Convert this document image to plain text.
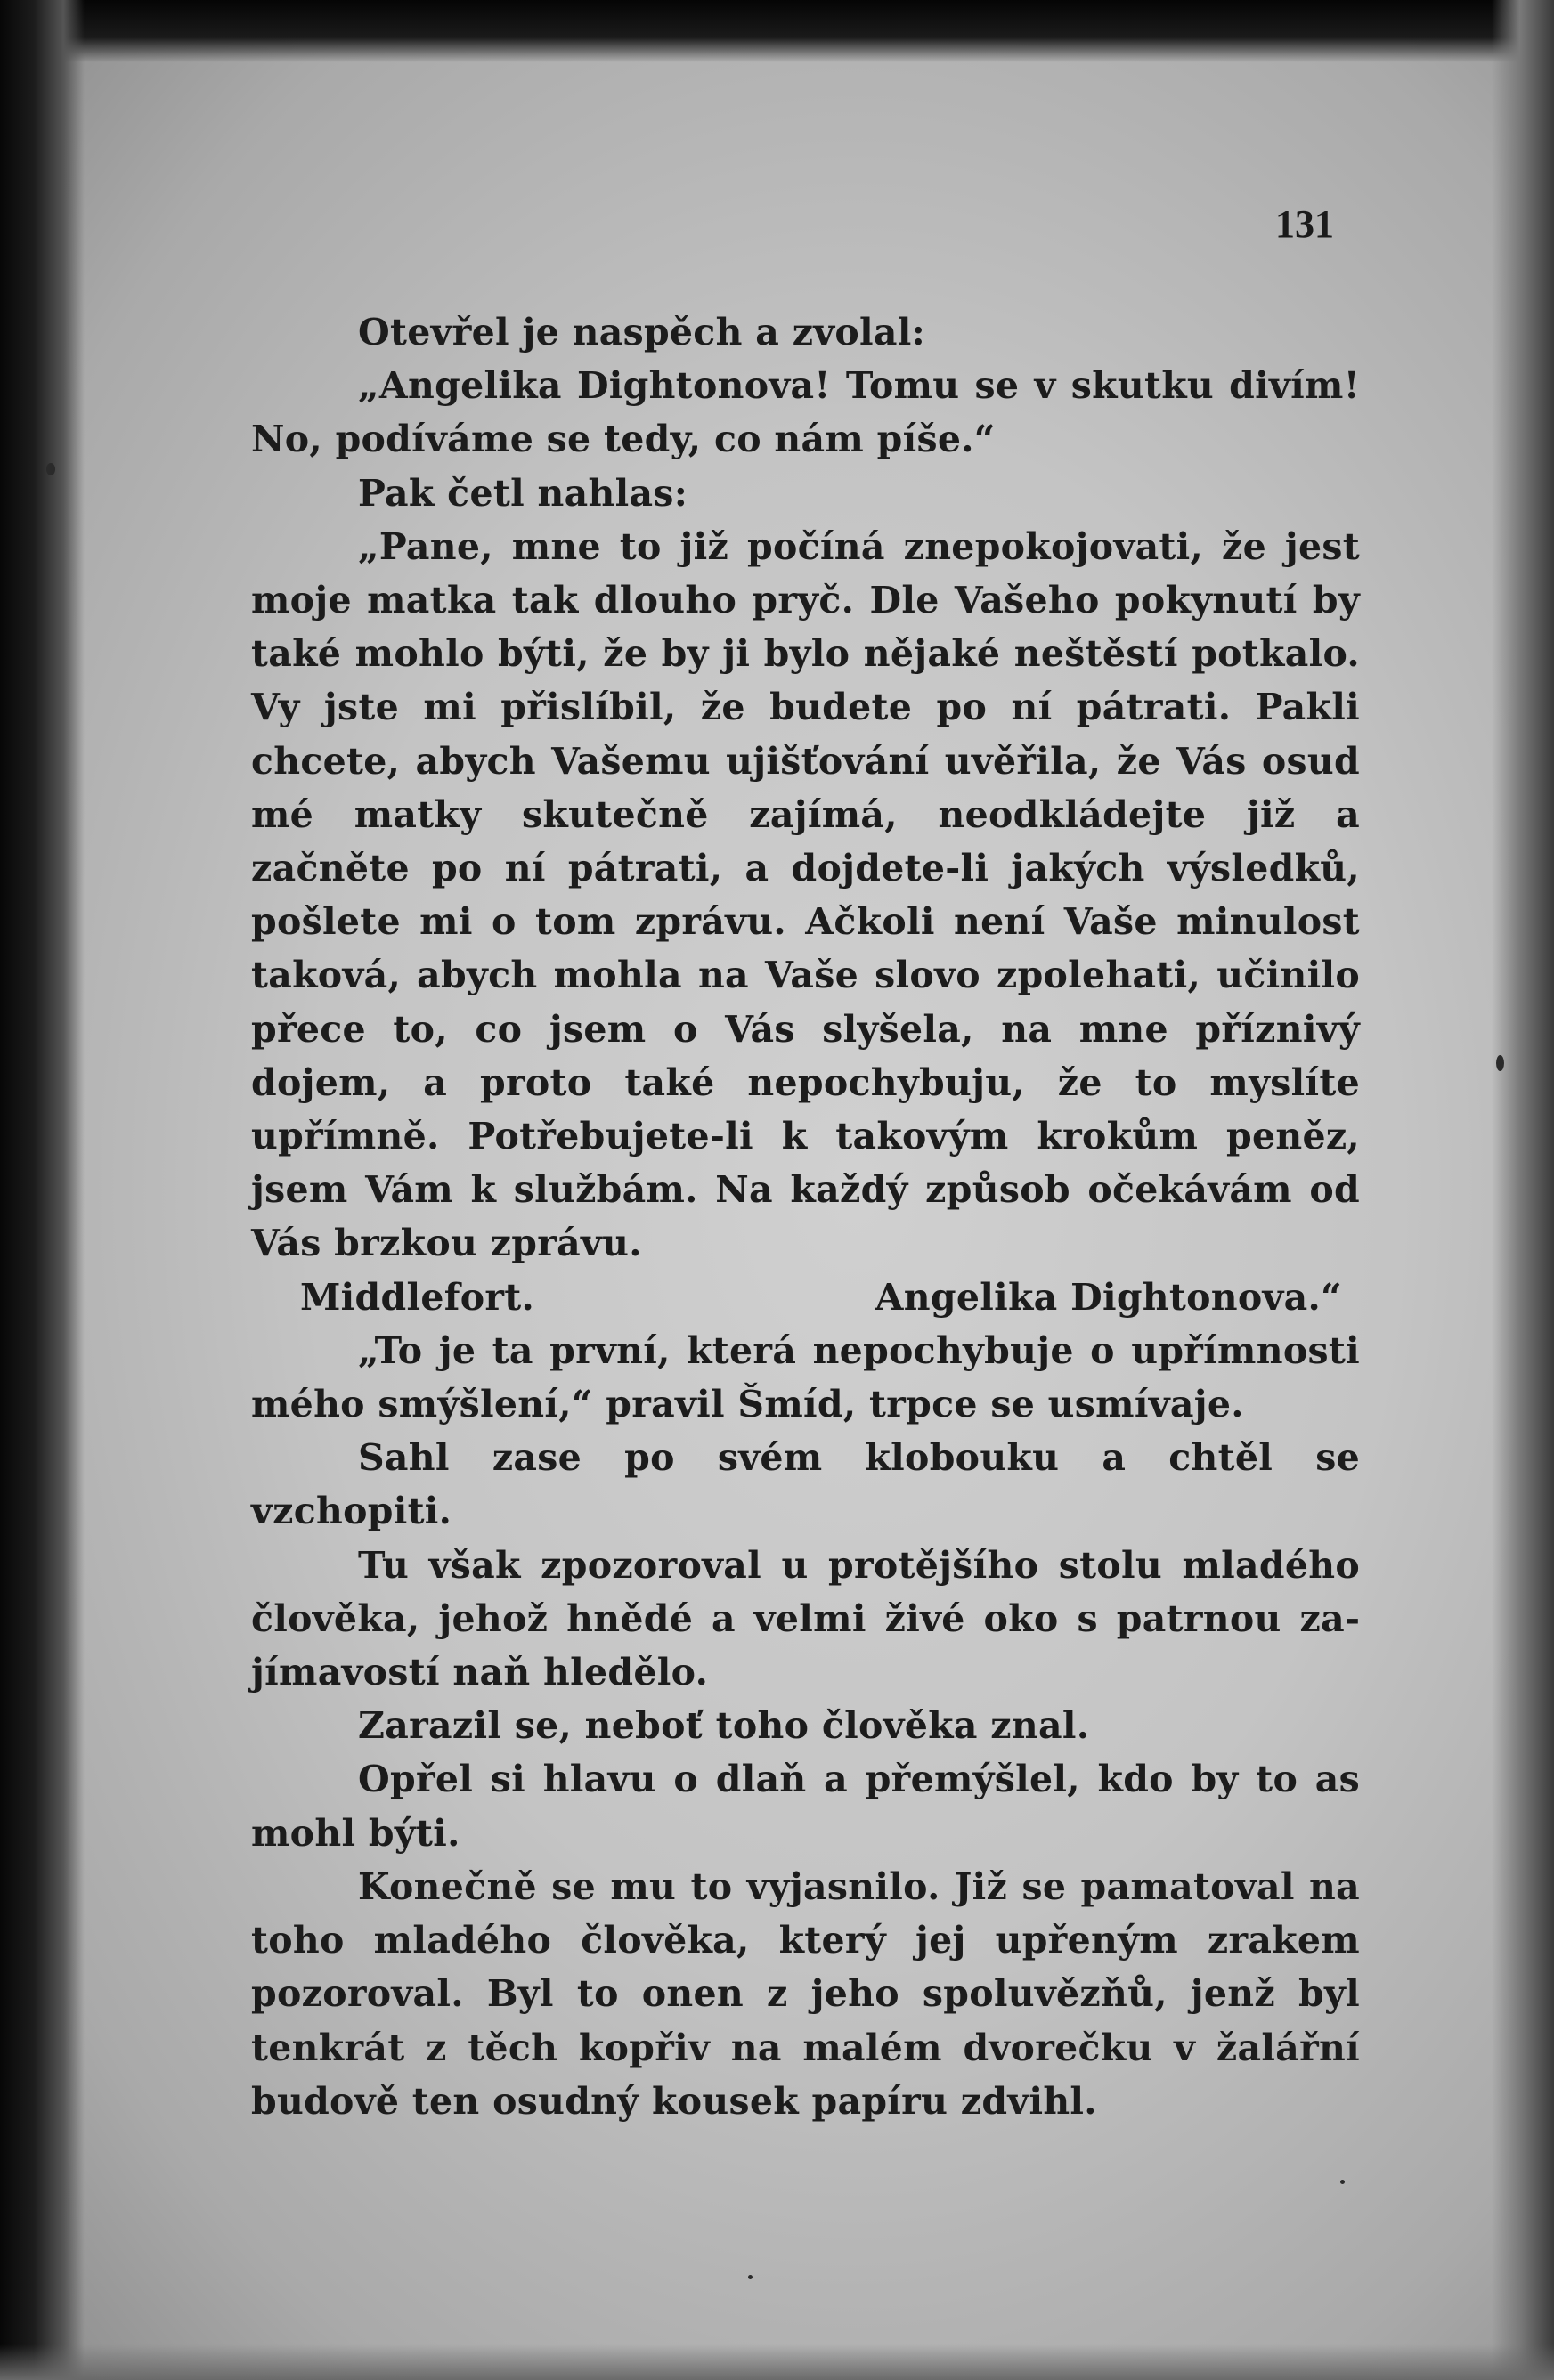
131

Otevřel je naspěch a zvolal:

„Angelika Dightonova! Tomu se v skutku divím! No, podíváme se tedy, co nám píše.“

Pak četl nahlas:

„Pane, mne to již počíná znepokojovati, že jest moje matka tak dlouho pryč. Dle Vašeho pokynutí by také mohlo býti, že by ji bylo nějaké neštěstí potkalo. Vy jste mi přislíbil, že budete po ní pátrati. Pakli chcete, abych Vašemu ujišťování uvěřila, že Vás osud mé matky skutečně zajímá, neodkládejte již a začněte po ní pátrati, a dojdete-li jakých výsledků, pošlete mi o tom zprávu. Ačkoli není Vaše minulost taková, abych mohla na Vaše slovo zpolehati, učinilo přece to, co jsem o Vás slyšela, na mne příznivý dojem, a proto také nepochybuju, že to myslíte upřímně. Potřebujete-li k takovým krokům peněz, jsem Vám k službám. Na každý způsob očekávám od Vás brzkou zprávu.

Middlefort.	Angelika Dightonova.“

„To je ta první, která nepochybuje o upřímnosti mého smýšlení,“ pravil Šmíd, trpce se usmívaje.

Sahl zase po svém klobouku a chtěl se vzchopiti.

Tu však zpozoroval u protějšího stolu mladého člověka, jehož hnědé a velmi živé oko s patrnou zajímavostí naň hledělo.

Zarazil se, neboť toho člověka znal.

Opřel si hlavu o dlaň a přemýšlel, kdo by to as mohl býti.

Konečně se mu to vyjasnilo. Již se pamatoval na toho mladého člověka, který jej upřeným zrakem pozoroval. Byl to onen z jeho spoluvězňů, jenž byl tenkrát z těch kopřiv na malém dvorečku v žalářní budově ten osudný kousek papíru zdvihl.
